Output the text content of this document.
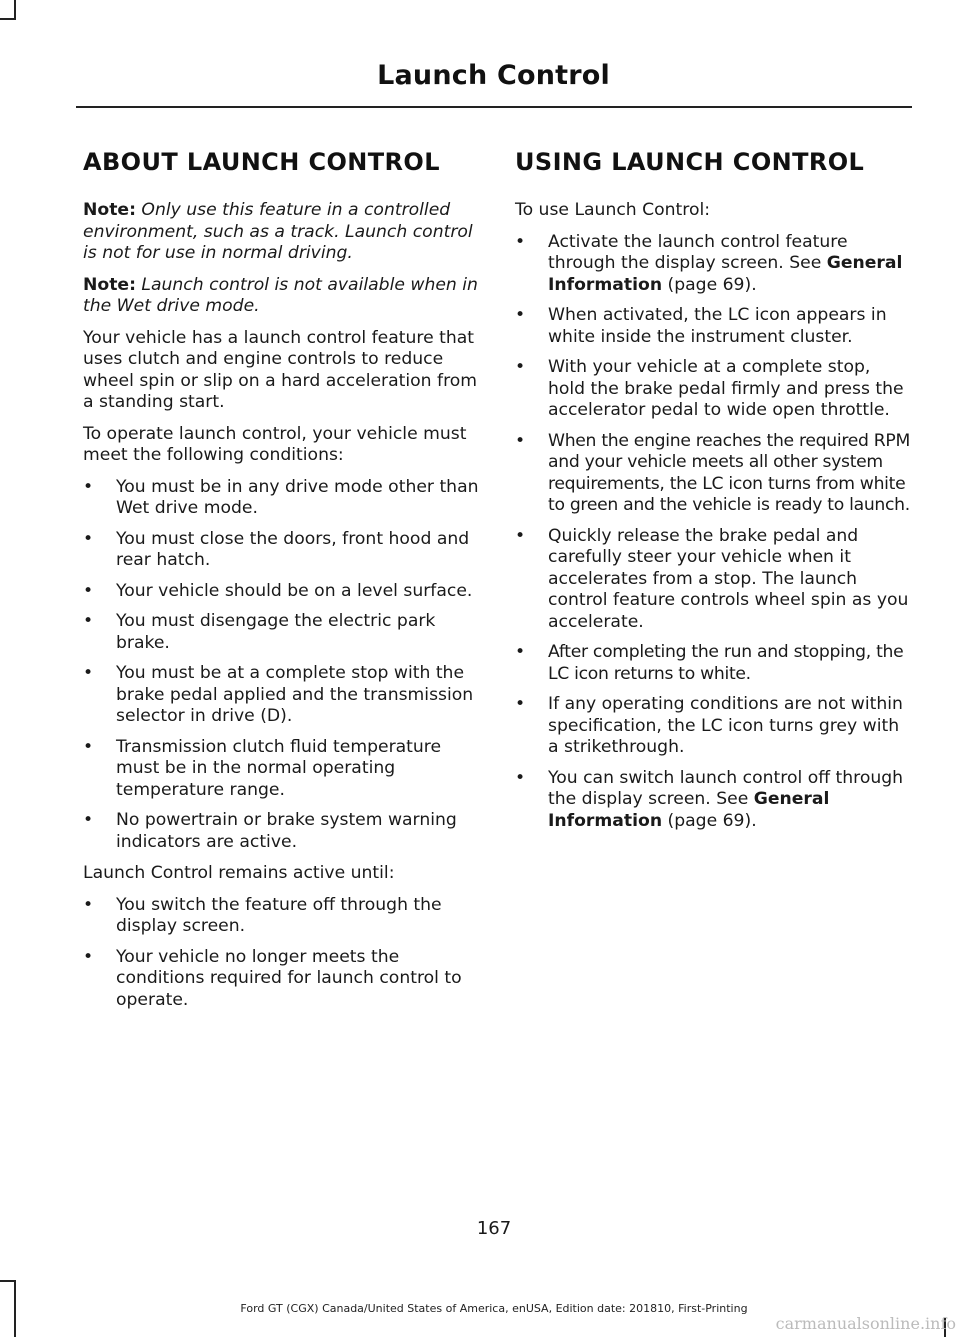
Launch Control
ABOUT LAUNCH CONTROL

Note: Only use this feature in a controlled environment, such as a track. Launch control is not for use in normal driving.

Note: Launch control is not available when in the Wet drive mode.

Your vehicle has a launch control feature that uses clutch and engine controls to reduce wheel spin or slip on a hard acceleration from a standing start.

To operate launch control, your vehicle must meet the following conditions:

• You must be in any drive mode other than Wet drive mode.
• You must close the doors, front hood and rear hatch.
• Your vehicle should be on a level surface.
• You must disengage the electric park brake.
• You must be at a complete stop with the brake pedal applied and the transmission selector in drive (D).
• Transmission clutch fluid temperature must be in the normal operating temperature range.
• No powertrain or brake system warning indicators are active.

Launch Control remains active until:

• You switch the feature off through the display screen.
• Your vehicle no longer meets the conditions required for launch control to operate.
USING LAUNCH CONTROL

To use Launch Control:

• Activate the launch control feature through the display screen. See General Information (page 69).
• When activated, the LC icon appears in white inside the instrument cluster.
• With your vehicle at a complete stop, hold the brake pedal firmly and press the accelerator pedal to wide open throttle.
• When the engine reaches the required RPM and your vehicle meets all other system requirements, the LC icon turns from white to green and the vehicle is ready to launch.
• Quickly release the brake pedal and carefully steer your vehicle when it accelerates from a stop. The launch control feature controls wheel spin as you accelerate.
• After completing the run and stopping, the LC icon returns to white.
• If any operating conditions are not within specification, the LC icon turns grey with a strikethrough.
• You can switch launch control off through the display screen. See General Information (page 69).
167
Ford GT (CGX) Canada/United States of America, enUSA, Edition date: 201810, First-Printing
carmanualsonline.info
